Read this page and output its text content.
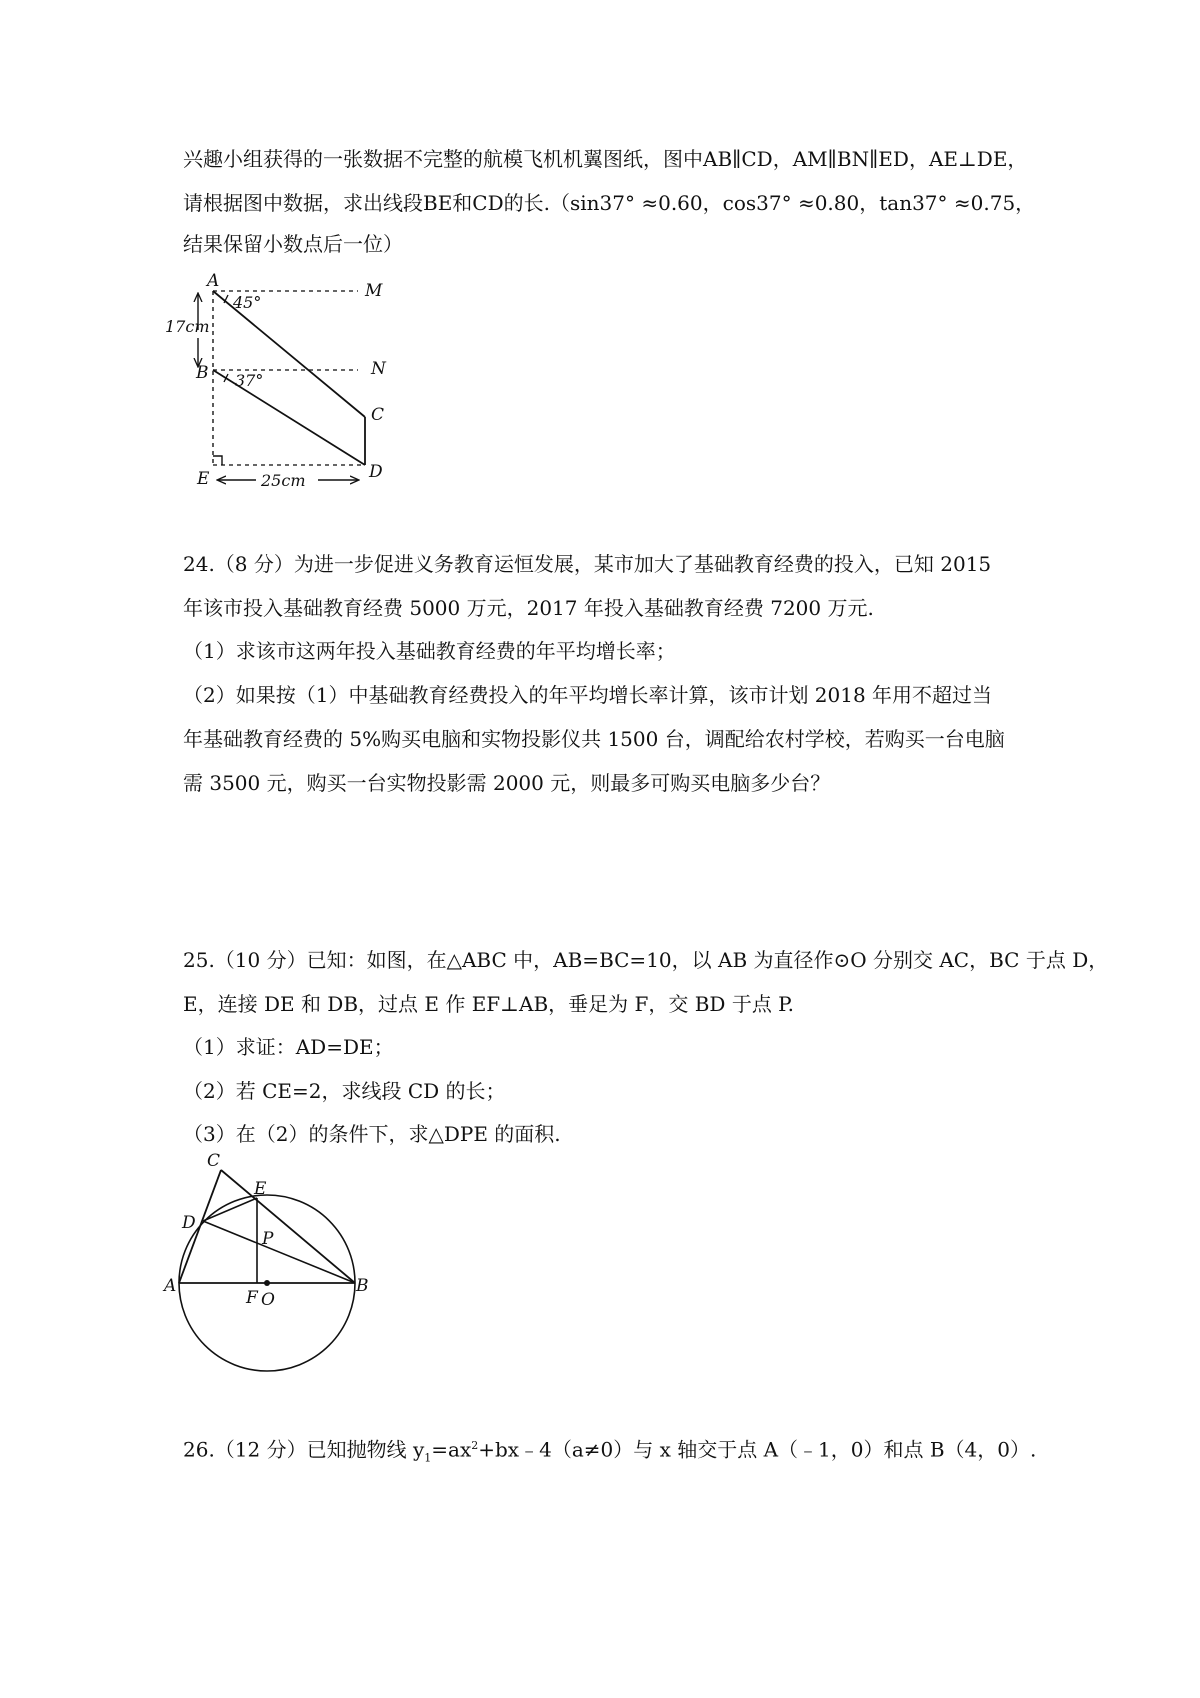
兴趣小组获得的一张数据不完整的航模飞机机翼图纸，图中AB∥CD，AM∥BN∥ED，AE⊥DE，
请根据图中数据，求出线段BE和CD的长.（sin37° ≈0.60，cos37° ≈0.80，tan37° ≈0.75，
结果保留小数点后一位）
A	M
B	N
C
D
E
45°
37°
17cm
25cm
24.（8 分）为进一步促进义务教育运恒发展，某市加大了基础教育经费的投入，已知 2015
年该市投入基础教育经费 5000 万元，2017 年投入基础教育经费 7200 万元.
（1）求该市这两年投入基础教育经费的年平均增长率；
（2）如果按（1）中基础教育经费投入的年平均增长率计算，该市计划 2018 年用不超过当
年基础教育经费的 5%购买电脑和实物投影仪共 1500 台，调配给农村学校，若购买一台电脑
需 3500 元，购买一台实物投影需 2000 元，则最多可购买电脑多少台？
25.（10 分）已知：如图，在△ABC 中，AB=BC=10，以 AB 为直径作⊙O 分别交 AC，BC 于点 D，
E，连接 DE 和 DB，过点 E 作 EF⊥AB，垂足为 F，交 BD 于点 P.
（1）求证：AD=DE；
（2）若 CE=2，求线段 CD 的长；
（3）在（2）的条件下，求△DPE 的面积.
C
E
D
P
A
F O
B
26.（12 分）已知抛物线 $y_1=ax^2+bx﹣4(a\ne 0)$与 x 轴交于点 A（﹣1，0）和点 B（4，0）.
